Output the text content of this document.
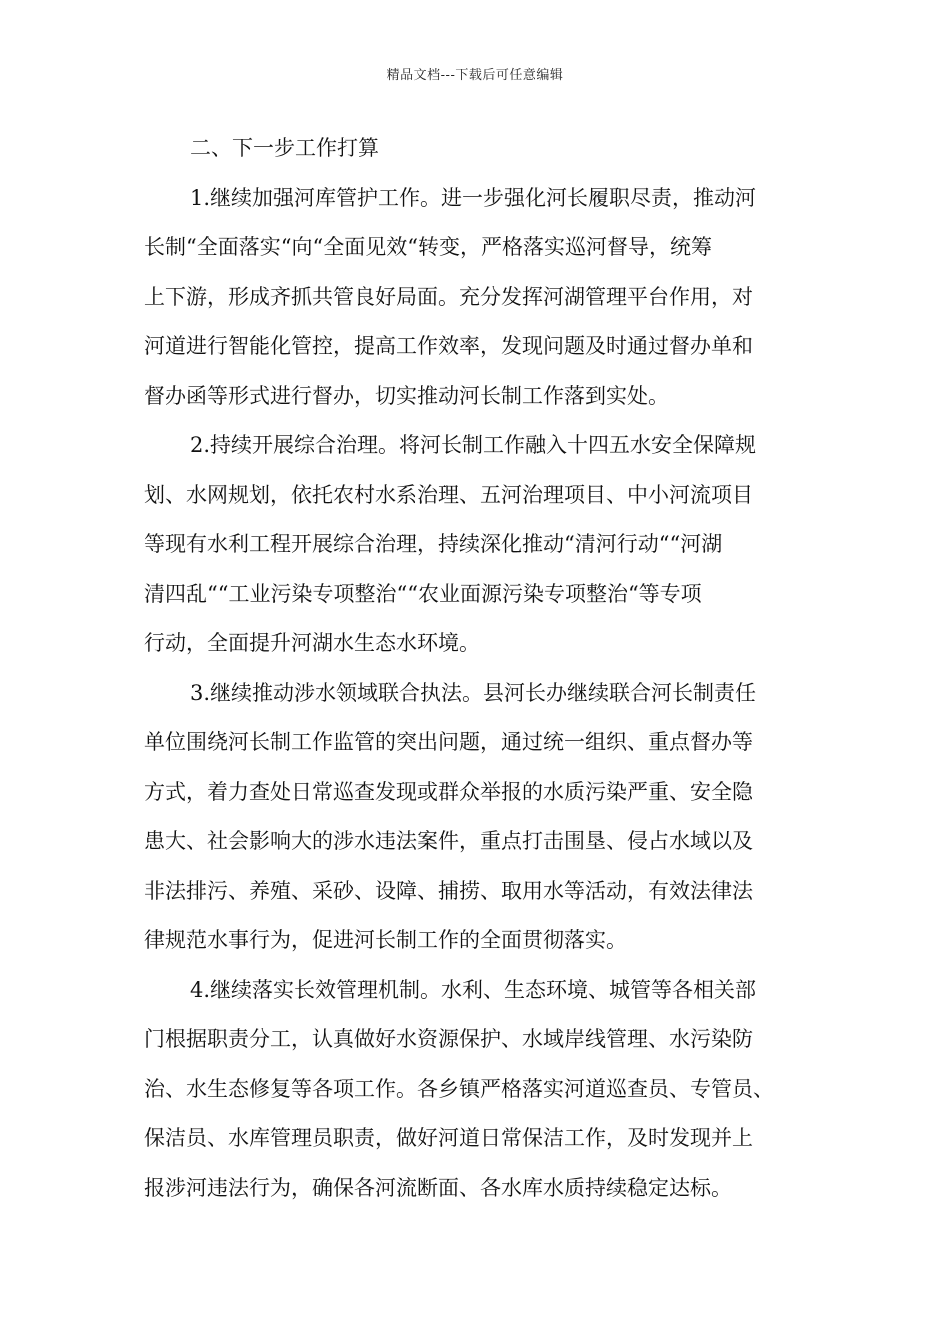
精品文档---下载后可任意编辑

二、下一步工作打算

1.继续加强河库管护工作。进一步强化河长履职尽责，推动河
长制“全面落实“向“全面见效“转变，严格落实巡河督导，统筹
上下游，形成齐抓共管良好局面。充分发挥河湖管理平台作用，对
河道进行智能化管控，提高工作效率，发现问题及时通过督办单和
督办函等形式进行督办，切实推动河长制工作落到实处。
2.持续开展综合治理。将河长制工作融入十四五水安全保障规
划、水网规划，依托农村水系治理、五河治理项目、中小河流项目
等现有水利工程开展综合治理，持续深化推动“清河行动““河湖
清四乱““工业污染专项整治““农业面源污染专项整治“等专项
行动，全面提升河湖水生态水环境。
3.继续推动涉水领域联合执法。县河长办继续联合河长制责任
单位围绕河长制工作监管的突出问题，通过统一组织、重点督办等
方式，着力查处日常巡查发现或群众举报的水质污染严重、安全隐
患大、社会影响大的涉水违法案件，重点打击围垦、侵占水域以及
非法排污、养殖、采砂、设障、捕捞、取用水等活动，有效法律法
律规范水事行为，促进河长制工作的全面贯彻落实。
4.继续落实长效管理机制。水利、生态环境、城管等各相关部
门根据职责分工，认真做好水资源保护、水域岸线管理、水污染防
治、水生态修复等各项工作。各乡镇严格落实河道巡查员、专管员、
保洁员、水库管理员职责，做好河道日常保洁工作，及时发现并上
报涉河违法行为，确保各河流断面、各水库水质持续稳定达标。
